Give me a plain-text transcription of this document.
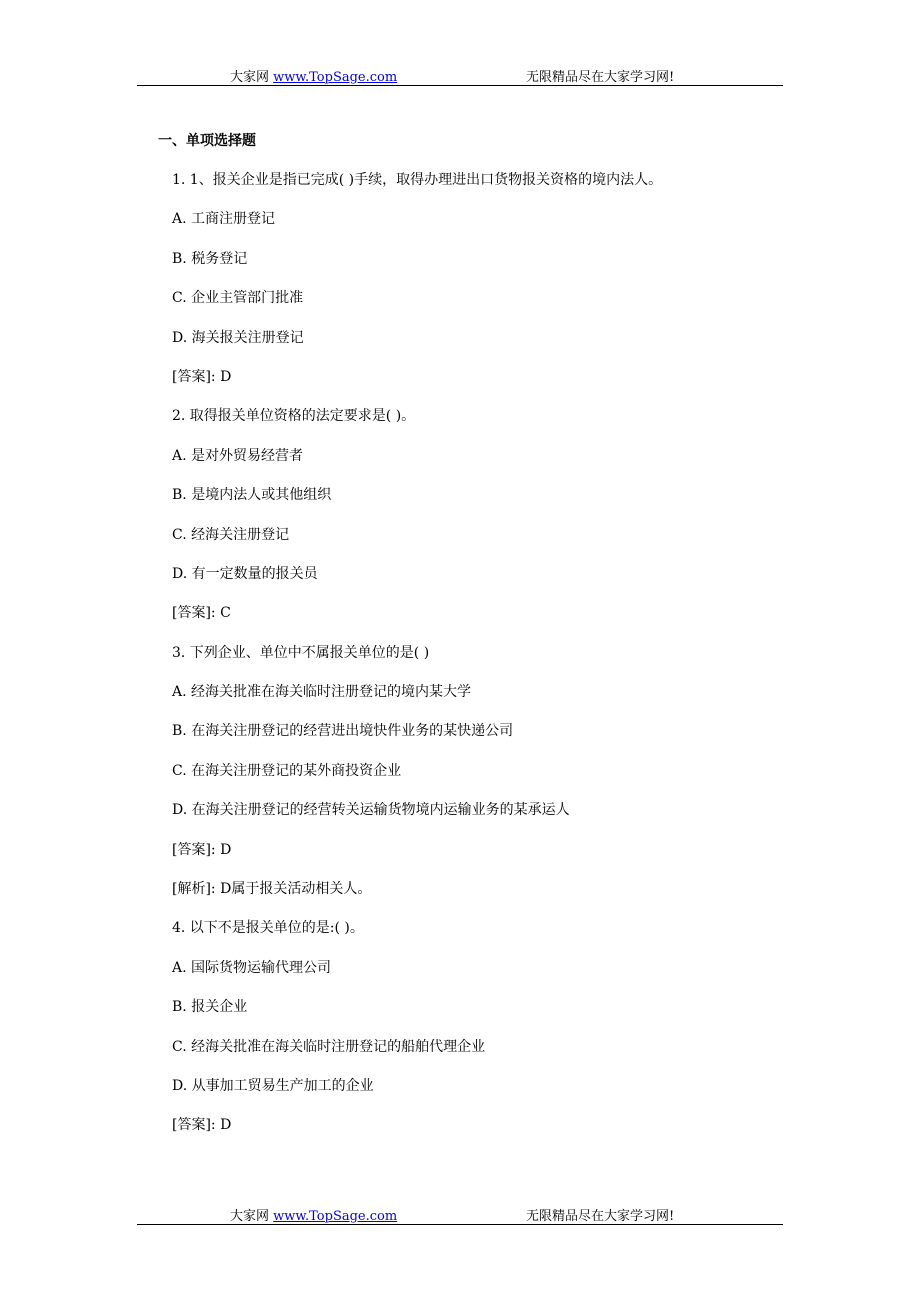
大家网 www.TopSage.com	无限精品尽在大家学习网!
一、单项选择题
1. 1、报关企业是指已完成( )手续，取得办理进出口货物报关资格的境内法人。
A. 工商注册登记
B. 税务登记
C. 企业主管部门批准
D. 海关报关注册登记
[答案]: D
2. 取得报关单位资格的法定要求是( )。
A. 是对外贸易经营者
B. 是境内法人或其他组织
C. 经海关注册登记
D. 有一定数量的报关员
[答案]: C
3. 下列企业、单位中不属报关单位的是( )
A. 经海关批准在海关临时注册登记的境内某大学
B. 在海关注册登记的经营进出境快件业务的某快递公司
C. 在海关注册登记的某外商投资企业
D. 在海关注册登记的经营转关运输货物境内运输业务的某承运人
[答案]: D
[解析]: D属于报关活动相关人。
4. 以下不是报关单位的是:( )。
A. 国际货物运输代理公司
B. 报关企业
C. 经海关批准在海关临时注册登记的船舶代理企业
D. 从事加工贸易生产加工的企业
[答案]: D
大家网 www.TopSage.com	无限精品尽在大家学习网!
